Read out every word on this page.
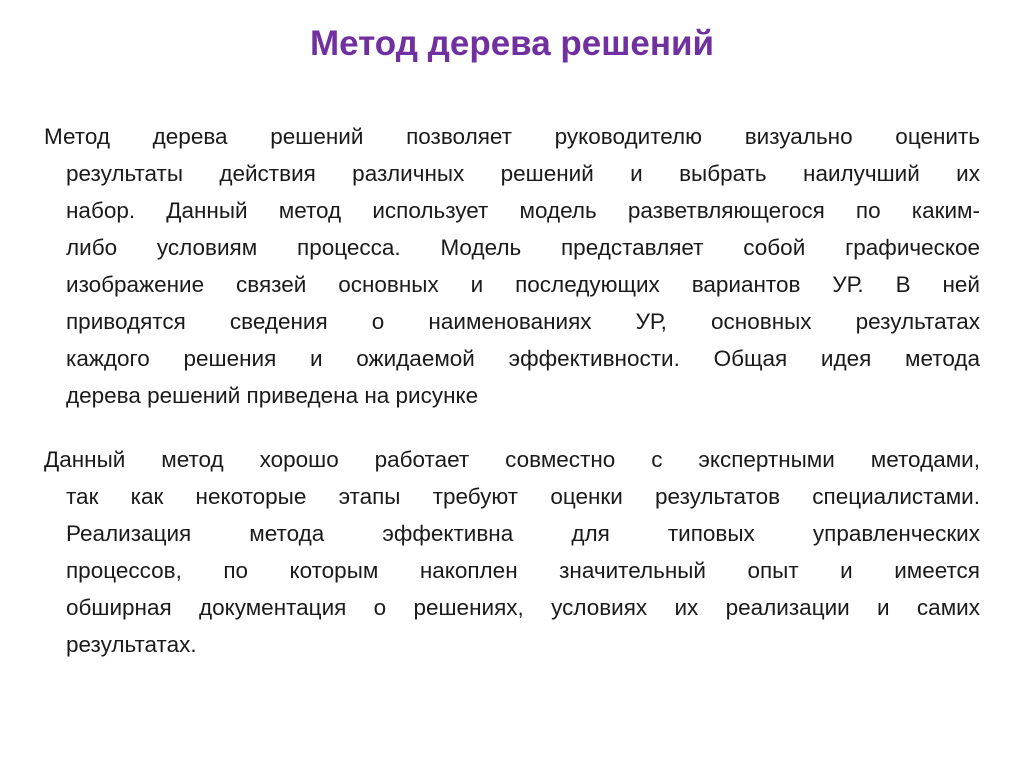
Метод дерева решений
Метод дерева решений позволяет руководителю визуально оценить
результаты действия различных решений и выбрать наилучший их
набор. Данный метод использует модель разветвляющегося по каким-
либо условиям процесса. Модель представляет собой графическое
изображение связей основных и последующих вариантов УР. В ней
приводятся сведения о наименованиях УР, основных результатах
каждого решения и ожидаемой эффективности. Общая идея метода
дерева решений приведена на рисунке
Данный метод хорошо работает совместно с экспертными методами,
так как некоторые этапы требуют оценки результатов специалистами.
Реализация метода эффективна для типовых управленческих
процессов, по которым накоплен значительный опыт и имеется
обширная документация о решениях, условиях их реализации и самих
результатах.
